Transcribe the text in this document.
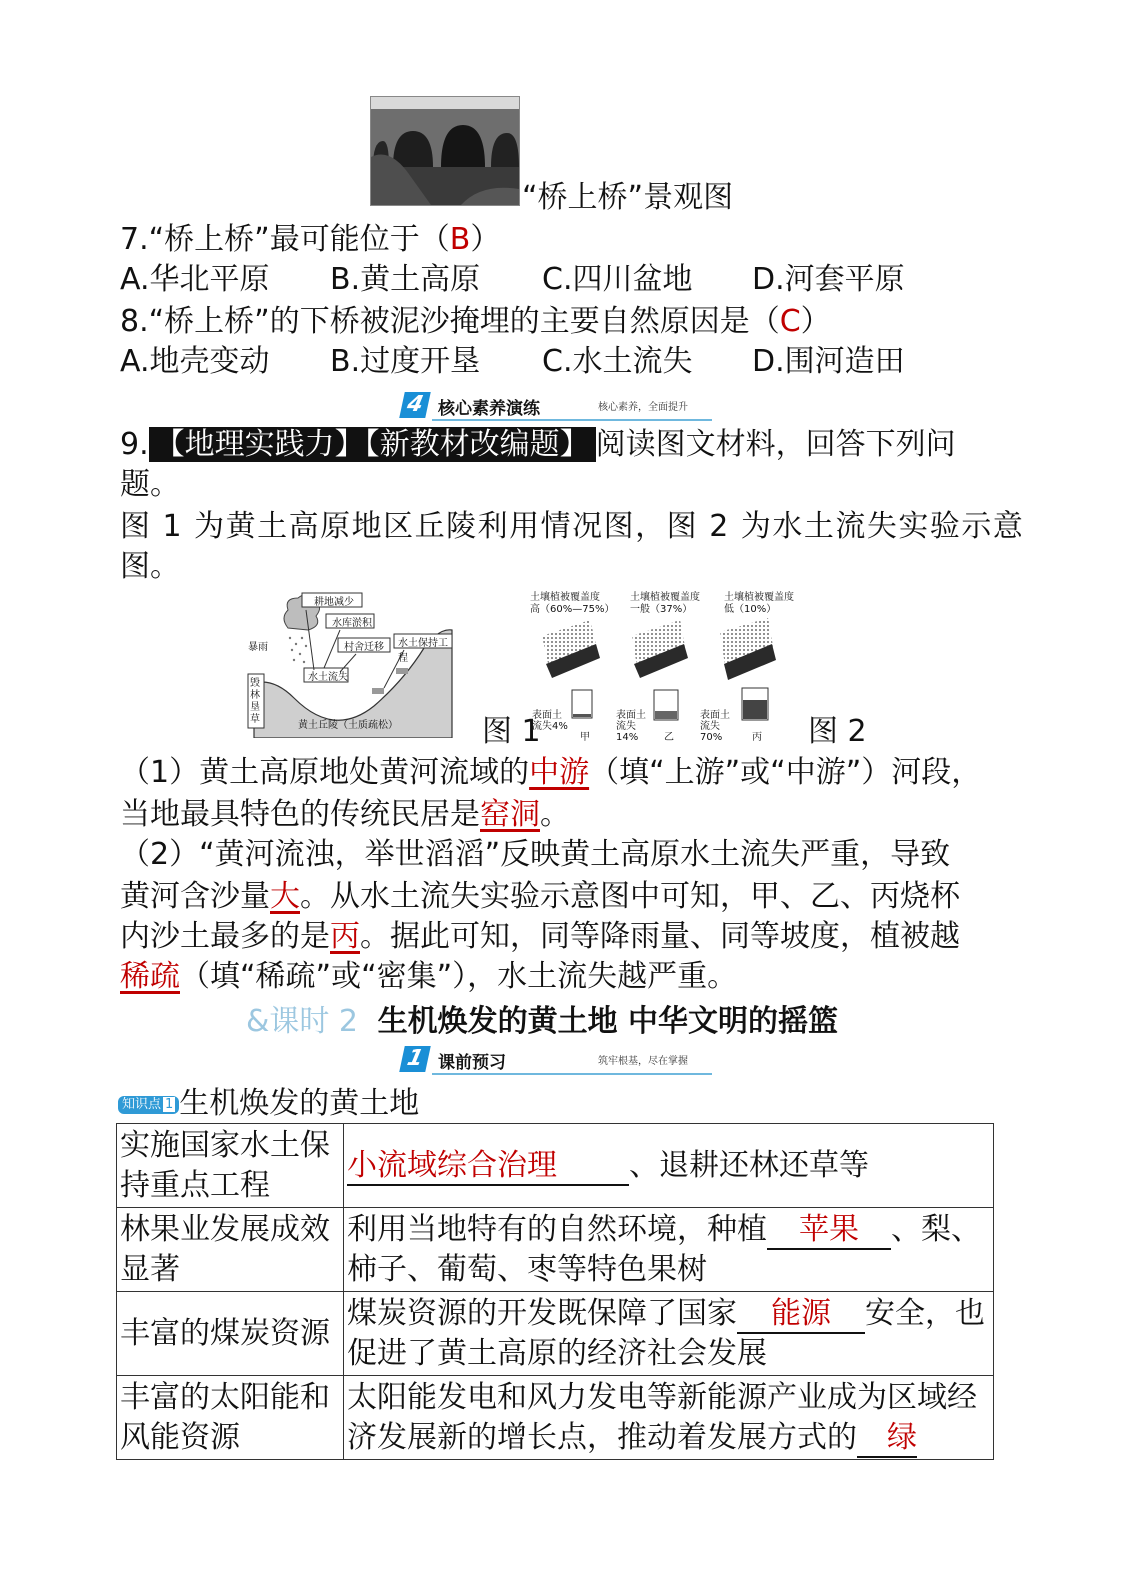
“桥上桥”景观图
7.“桥上桥”最可能位于（B）
A.华北平原 B.黄土高原 C.四川盆地 D.河套平原
8.“桥上桥”的下桥被泥沙掩埋的主要自然原因是（C）
A.地壳变动 B.过度开垦 C.水土流失 D.围河造田
4 核心素养演练	核心素养，全面提升
9. 【地理实践力】【新教材改编题】 阅读图文材料，回答下列问
题。
图 1 为黄土高原地区丘陵利用情况图，图 2 为水土流失实验示意
图。
耕地减少
水库淤积
村舍迁移 水土保持工程
水土流失
暴雨
毁林垦草
黄土丘陵（土质疏松）	图 1
土壤植被覆盖度
高（60%—75%）
土壤植被覆盖度
一般（37%）
土壤植被覆盖度
低（10%）
表面土
流失4%
表面土
流失14%
表面土
流失70%
甲	乙	丙 图 2
（1）黄土高原地处黄河流域的中游（填“上游”或“中游”）河段，
当地最具特色的传统民居是窑洞。
（2）“黄河流浊，举世滔滔”反映黄土高原水土流失严重，导致
黄河含沙量大。从水土流失实验示意图中可知，甲、乙、丙烧杯
内沙土最多的是丙。据此可知，同等降雨量、同等坡度，植被越
稀疏（填“稀疏”或“密集”），水土流失越严重。
&课时 2 生机焕发的黄土地 中华文明的摇篮
1 课前预习	筑牢根基，尽在掌握
知识点 1 生机焕发的黄土地
实施国家水土保持重点工程	小流域综合治理 、退耕还林还草等
林果业发展成效显著	利用当地特有的自然环境，种植 苹果 、梨、柿子、葡萄、枣等特色果树
丰富的煤炭资源	煤炭资源的开发既保障了国家 能源 安全，也促进了黄土高原的经济社会发展
丰富的太阳能和风能资源	太阳能发电和风力发电等新能源产业成为区域经济发展新的增长点，推动着发展方式的 绿
